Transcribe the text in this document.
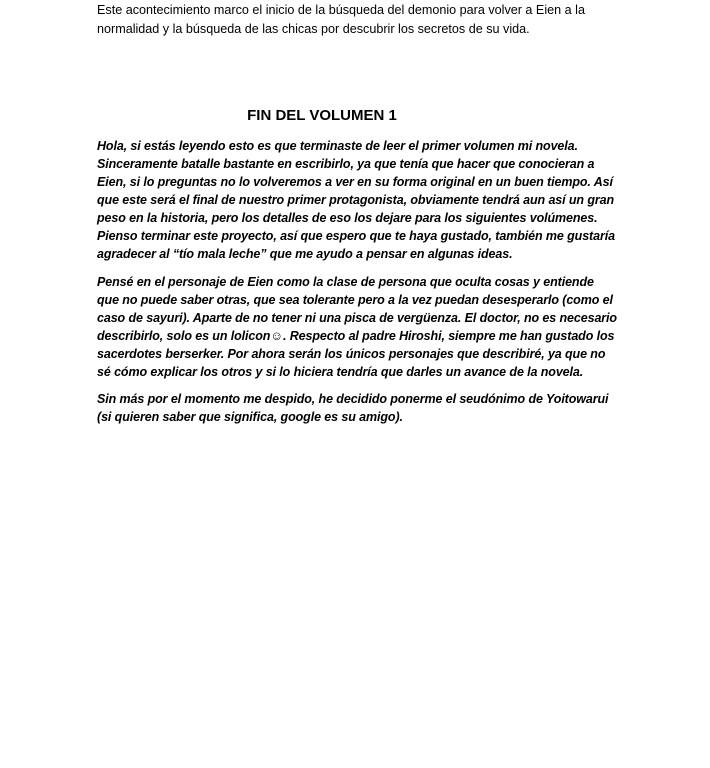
Este acontecimiento marco el inicio de la búsqueda del demonio para volver a Eien a la normalidad y la búsqueda de las chicas por descubrir los secretos de su vida.

FIN DEL VOLUMEN 1

Hola, si estás leyendo esto es que terminaste de leer el primer volumen mi novela. Sinceramente batalle bastante en escribirlo, ya que tenía que hacer que conocieran a Eien, si lo preguntas no lo volveremos a ver en su forma original en un buen tiempo. Así que este será el final de nuestro primer protagonista, obviamente tendrá aun así un gran peso en la historia, pero los detalles de eso los dejare para los siguientes volúmenes. Pienso terminar este proyecto, así que espero que te haya gustado, también me gustaría agradecer al “tío mala leche” que me ayudo a pensar en algunas ideas.

Pensé en el personaje de Eien como la clase de persona que oculta cosas y entiende que no puede saber otras, que sea tolerante pero a la vez puedan desesperarlo (como el caso de sayuri). Aparte de no tener ni una pisca de vergüenza. El doctor, no es necesario describirlo, solo es un lolicon☺. Respecto al padre Hiroshi, siempre me han gustado los sacerdotes berserker. Por ahora serán los únicos personajes que describiré, ya que no sé cómo explicar los otros y si lo hiciera tendría que darles un avance de la novela.

Sin más por el momento me despido, he decidido ponerme el seudónimo de Yoitowarui (si quieren saber que significa, google es su amigo).
